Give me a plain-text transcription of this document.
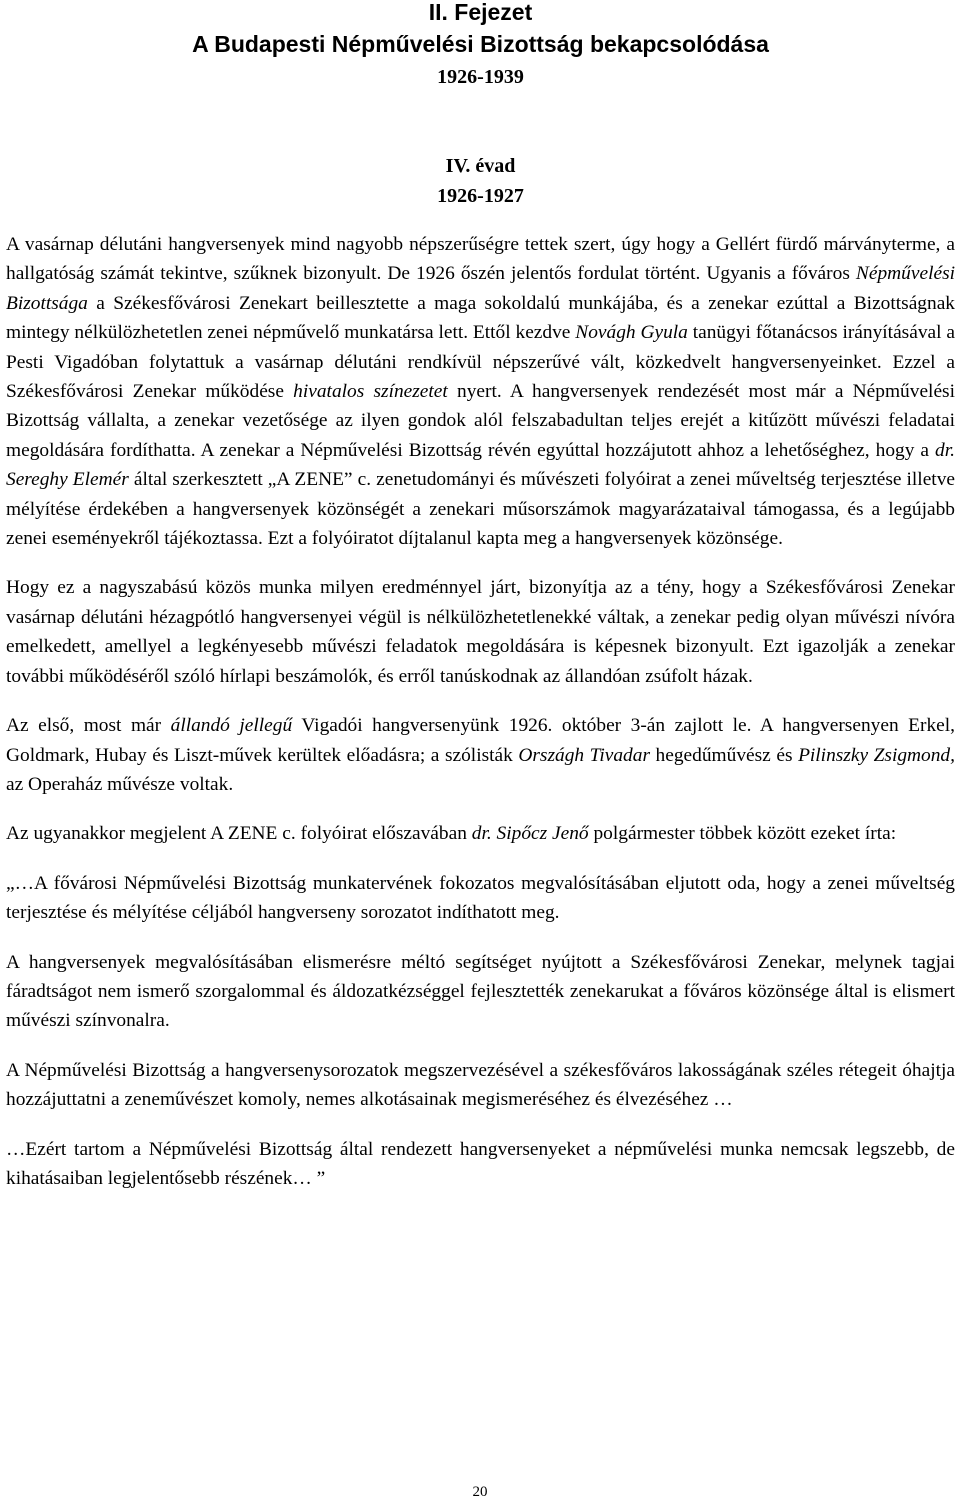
II. Fejezet
A Budapesti Népművelési Bizottság bekapcsolódása
1926-1939
IV. évad
1926-1927

A vasárnap délutáni hangversenyek mind nagyobb népszerűségre tettek szert, úgy hogy a Gellért fürdő márványterme, a hallgatóság számát tekintve, szűknek bizonyult. De 1926 őszén jelentős fordulat történt. Ugyanis a főváros Népművelési Bizottsága a Székesfővárosi Zenekart beillesztette a maga sokoldalú munkájába, és a zenekar ezúttal a Bizottságnak mintegy nélkülözhetetlen zenei népművelő munkatársa lett. Ettől kezdve Novágh Gyula tanügyi főtanácsos irányításával a Pesti Vigadóban folytattuk a vasárnap délutáni rendkívül népszerűvé vált, közkedvelt hangversenyeinket. Ezzel a Székesfővárosi Zenekar működése hivatalos színezetet nyert. A hangversenyek rendezését most már a Népművelési Bizottság vállalta, a zenekar vezetősége az ilyen gondok alól felszabadultan teljes erejét a kitűzött művészi feladatai megoldására fordíthatta. A zenekar a Népművelési Bizottság révén egyúttal hozzájutott ahhoz a lehetőséghez, hogy a dr. Sereghy Elemér által szerkesztett „A ZENE” c. zenetudományi és művészeti folyóirat a zenei műveltség terjesztése illetve mélyítése érdekében a hangversenyek közönségét a zenekari műsorszámok magyarázataival támogassa, és a legújabb zenei eseményekről tájékoztassa. Ezt a folyóiratot díjtalanul kapta meg a hangversenyek közönsége.

Hogy ez a nagyszabású közös munka milyen eredménnyel járt, bizonyítja az a tény, hogy a Székesfővárosi Zenekar vasárnap délutáni hézagpótló hangversenyei végül is nélkülözhetetlenekké váltak, a zenekar pedig olyan művészi nívóra emelkedett, amellyel a legkényesebb művészi feladatok megoldására is képesnek bizonyult. Ezt igazolják a zenekar további működéséről szóló hírlapi beszámolók, és erről tanúskodnak az állandóan zsúfolt házak.

Az első, most már állandó jellegű Vigadói hangversenyünk 1926. október 3-án zajlott le. A hangversenyen Erkel, Goldmark, Hubay és Liszt-művek kerültek előadásra; a szólisták Országh Tivadar hegedűművész és Pilinszky Zsigmond, az Operaház művésze voltak.

Az ugyanakkor megjelent A ZENE c. folyóirat előszavában dr. Sipőcz Jenő polgármester többek között ezeket írta:

„…A fővárosi Népművelési Bizottság munkatervének fokozatos megvalósításában eljutott oda, hogy a zenei műveltség terjesztése és mélyítése céljából hangverseny sorozatot indíthatott meg.

A hangversenyek megvalósításában elismerésre méltó segítséget nyújtott a Székesfővárosi Zenekar, melynek tagjai fáradtságot nem ismerő szorgalommal és áldozatkézséggel fejlesztették zenekarukat a főváros közönsége által is elismert művészi színvonalra.

A Népművelési Bizottság a hangversenysorozatok megszervezésével a székesfőváros lakosságának széles rétegeit óhajtja hozzájuttatni a zeneművészet komoly, nemes alkotásainak megismeréséhez és élvezéséhez …

…Ezért tartom a Népművelési Bizottság által rendezett hangversenyeket a népművelési munka nemcsak legszebb, de kihatásaiban legjelentősebb részének… ”

20
